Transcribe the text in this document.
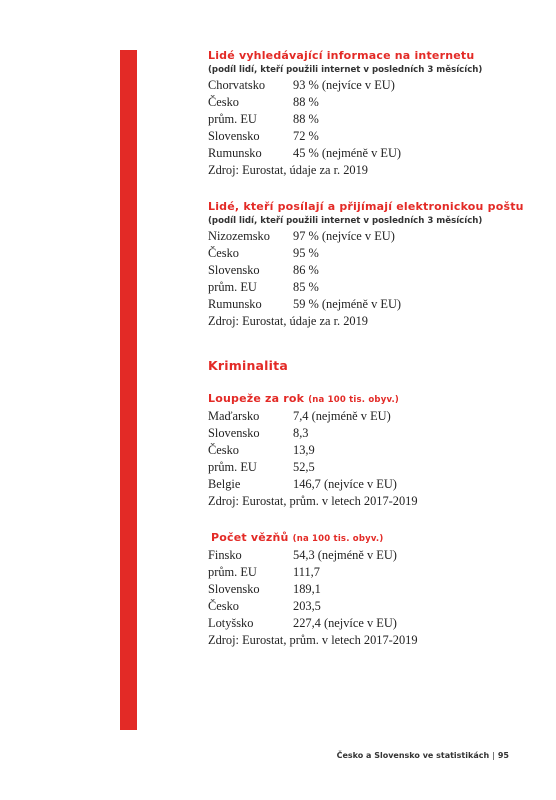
Lidé vyhledávající informace na internetu

(podíl lidí, kteří použili internet v posledních 3 měsících)

Chorvatsko	93 % (nejvíce v EU)
Česko	88 %
prům. EU	88 %
Slovensko	72 %
Rumunsko	45 % (nejméně v EU)

Zdroj: Eurostat, údaje za r. 2019

Lidé, kteří posílají a přijímají elektronickou poštu

(podíl lidí, kteří použili internet v posledních 3 měsících)

Nizozemsko	97 % (nejvíce v EU)
Česko	95 %
Slovensko	86 %
prům. EU	85 %
Rumunsko	59 % (nejméně v EU)

Zdroj: Eurostat, údaje za r. 2019

Kriminalita

Loupeže za rok (na 100 tis. obyv.)

Maďarsko	7,4 (nejméně v EU)
Slovensko	8,3
Česko	13,9
prům. EU	52,5
Belgie	146,7 (nejvíce v EU)

Zdroj: Eurostat, prům. v letech 2017-2019

Počet vězňů (na 100 tis. obyv.)

Finsko	54,3 (nejméně v EU)
prům. EU	111,7
Slovensko	189,1
Česko	203,5
Lotyšsko	227,4 (nejvíce v EU)

Zdroj: Eurostat, prům. v letech 2017-2019

Česko a Slovensko ve statistikách | 95
